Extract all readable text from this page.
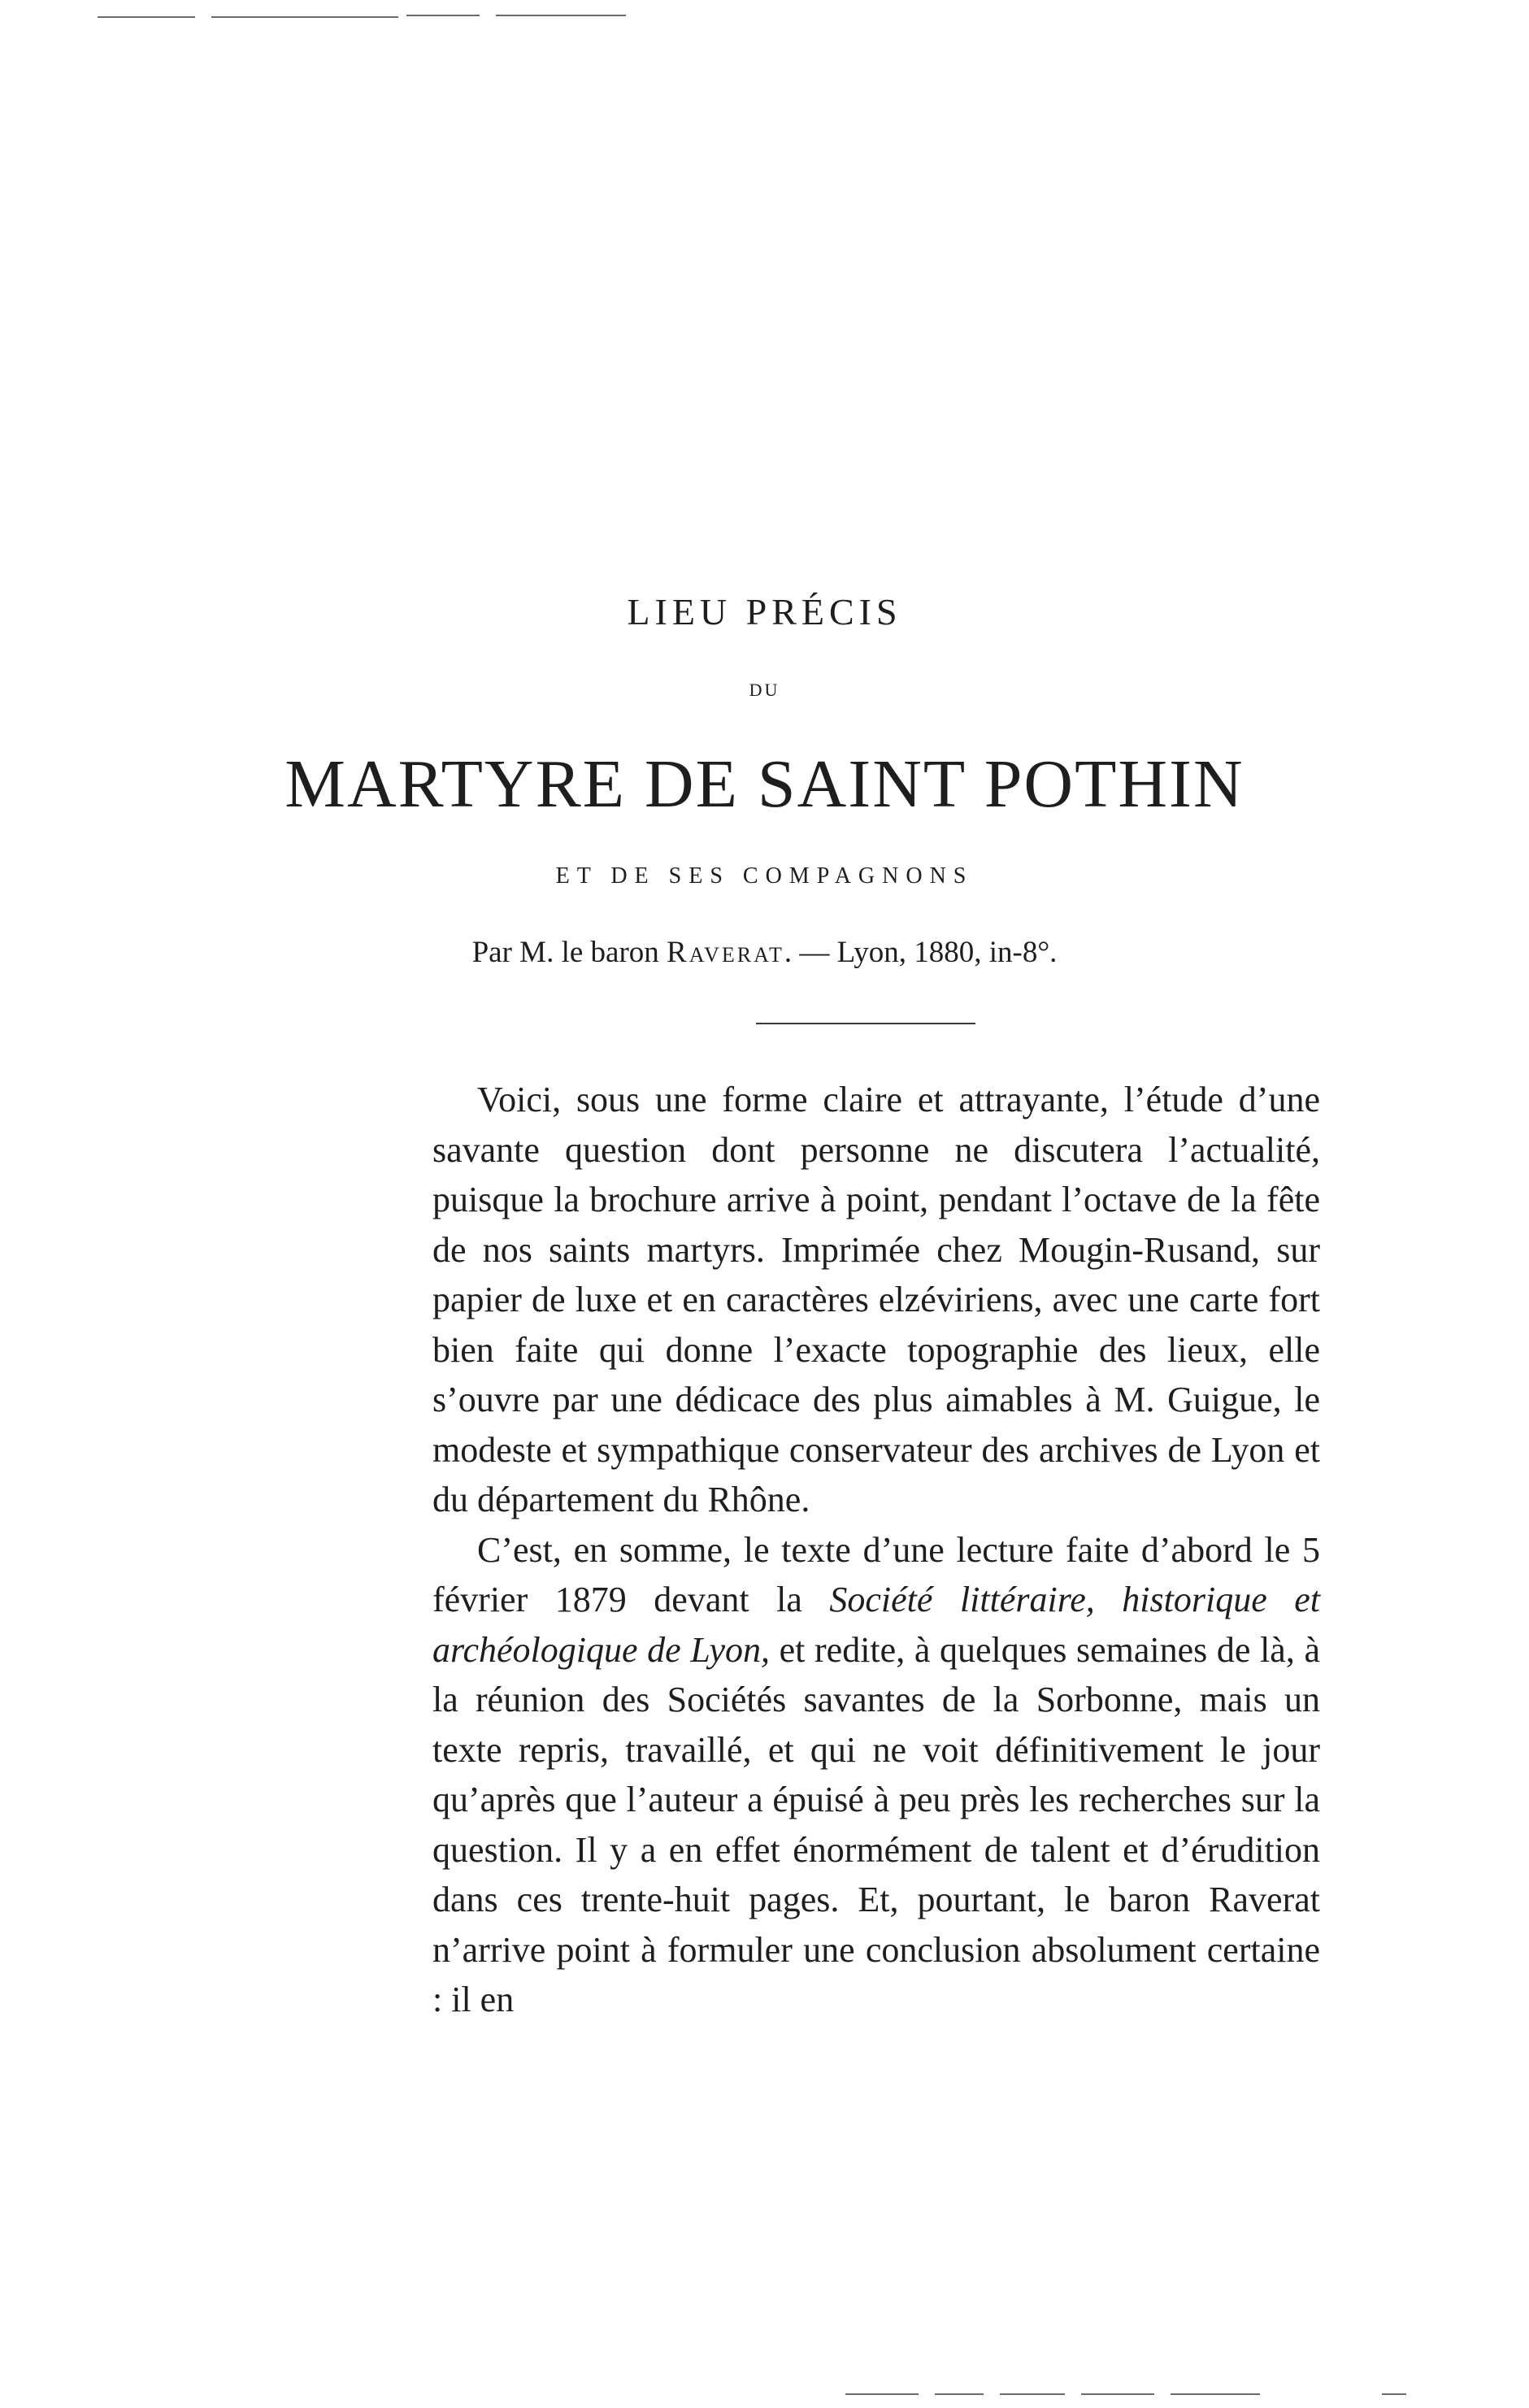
LIEU PRÉCIS
DU
MARTYRE DE SAINT POTHIN
ET DE SES COMPAGNONS
Par M. le baron Raverat. — Lyon, 1880, in-8°.

Voici, sous une forme claire et attrayante, l’étude d’une savante question dont personne ne discutera l’actualité, puisque la brochure arrive à point, pendant l’octave de la fête de nos saints martyrs. Imprimée chez Mougin-Rusand, sur papier de luxe et en caractères elzéviriens, avec une carte fort bien faite qui donne l’exacte topographie des lieux, elle s’ouvre par une dédicace des plus aimables à M. Guigue, le modeste et sympathique conservateur des archives de Lyon et du département du Rhône.

C’est, en somme, le texte d’une lecture faite d’abord le 5 février 1879 devant la Société littéraire, historique et archéologique de Lyon, et redite, à quelques semaines de là, à la réunion des Sociétés savantes de la Sorbonne, mais un texte repris, travaillé, et qui ne voit définitivement le jour qu’après que l’auteur a épuisé à peu près les recherches sur la question. Il y a en effet énormément de talent et d’érudition dans ces trente-huit pages. Et, pourtant, le baron Raverat n’arrive point à formuler une conclusion absolument certaine : il en
